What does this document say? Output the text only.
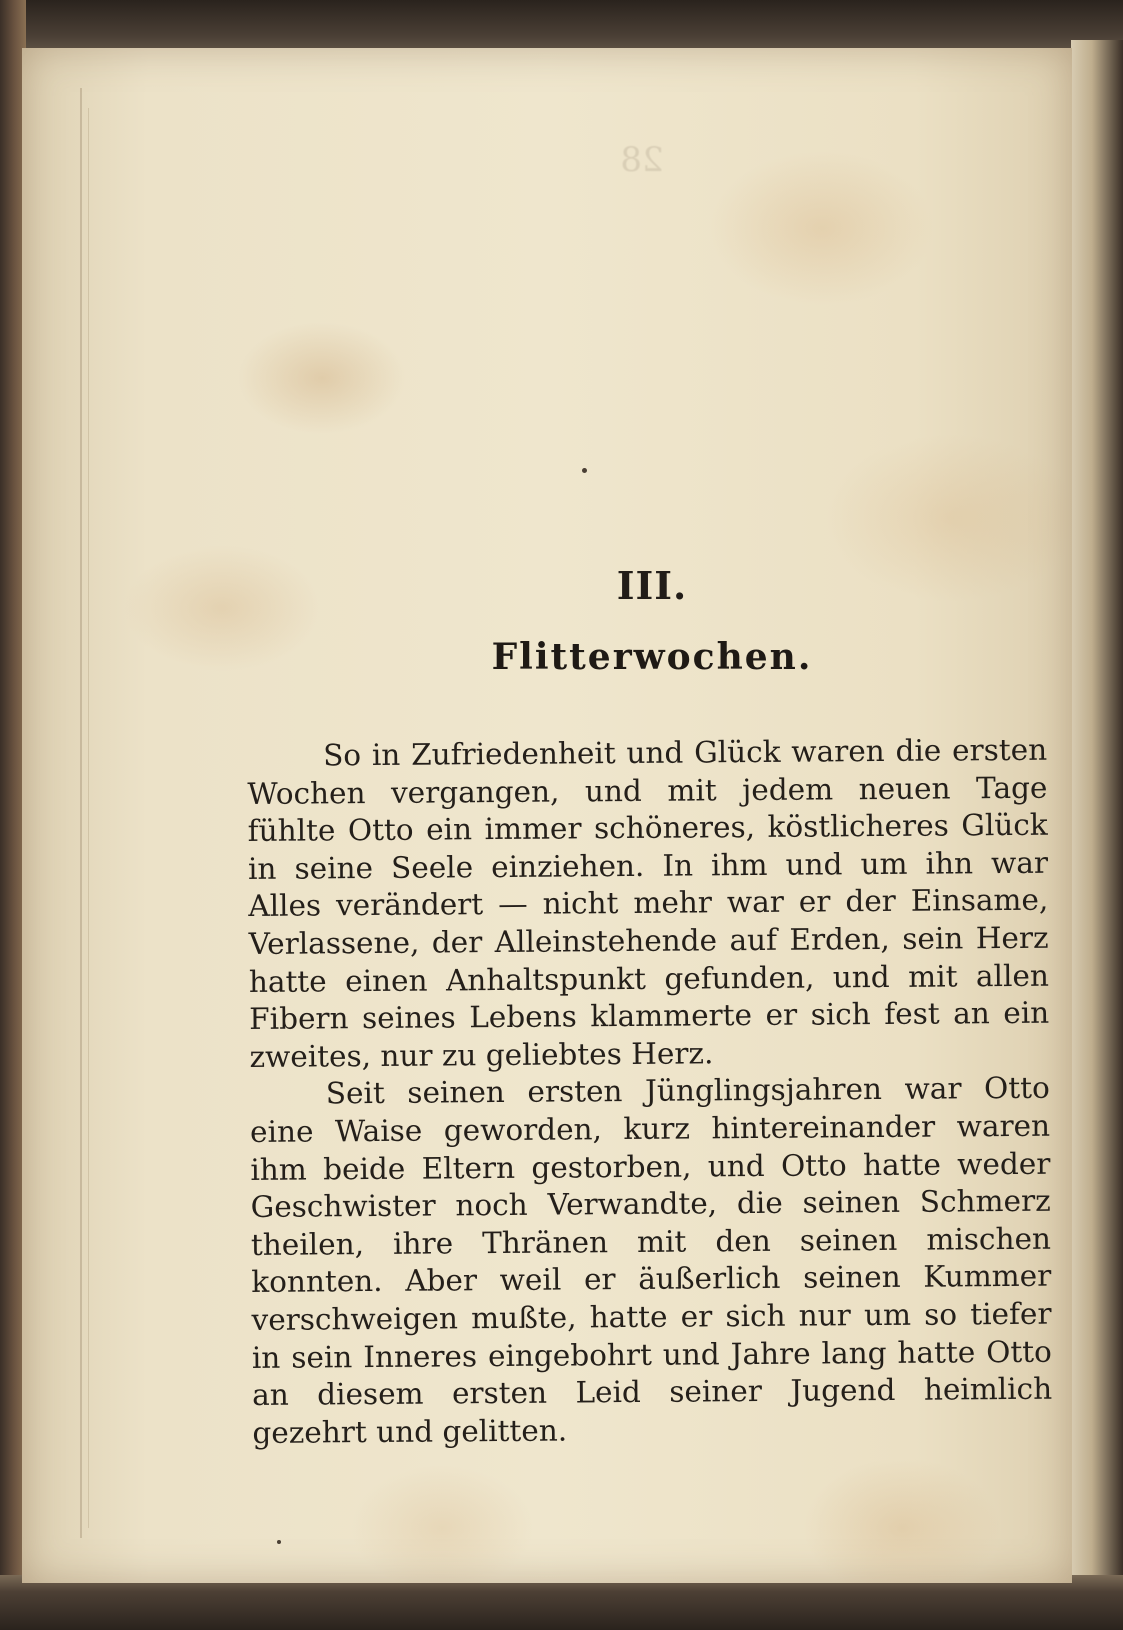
28
III.
Flitterwochen.

So in Zufriedenheit und Glück waren die ersten Wochen vergangen, und mit jedem neuen Tage fühlte Otto ein immer schöneres, köstlicheres Glück in seine Seele einziehen. In ihm und um ihn war Alles verändert — nicht mehr war er der Einsame, Verlassene, der Alleinstehende auf Erden, sein Herz hatte einen Anhaltspunkt gefunden, und mit allen Fibern seines Lebens klammerte er sich fest an ein zweites, nur zu geliebtes Herz.

Seit seinen ersten Jünglingsjahren war Otto eine Waise geworden, kurz hintereinander waren ihm beide Eltern gestorben, und Otto hatte weder Geschwister noch Verwandte, die seinen Schmerz theilen, ihre Thränen mit den seinen mischen konnten. Aber weil er äußerlich seinen Kummer verschweigen mußte, hatte er sich nur um so tiefer in sein Inneres eingebohrt und Jahre lang hatte Otto an diesem ersten Leid seiner Jugend heimlich gezehrt und gelitten.
